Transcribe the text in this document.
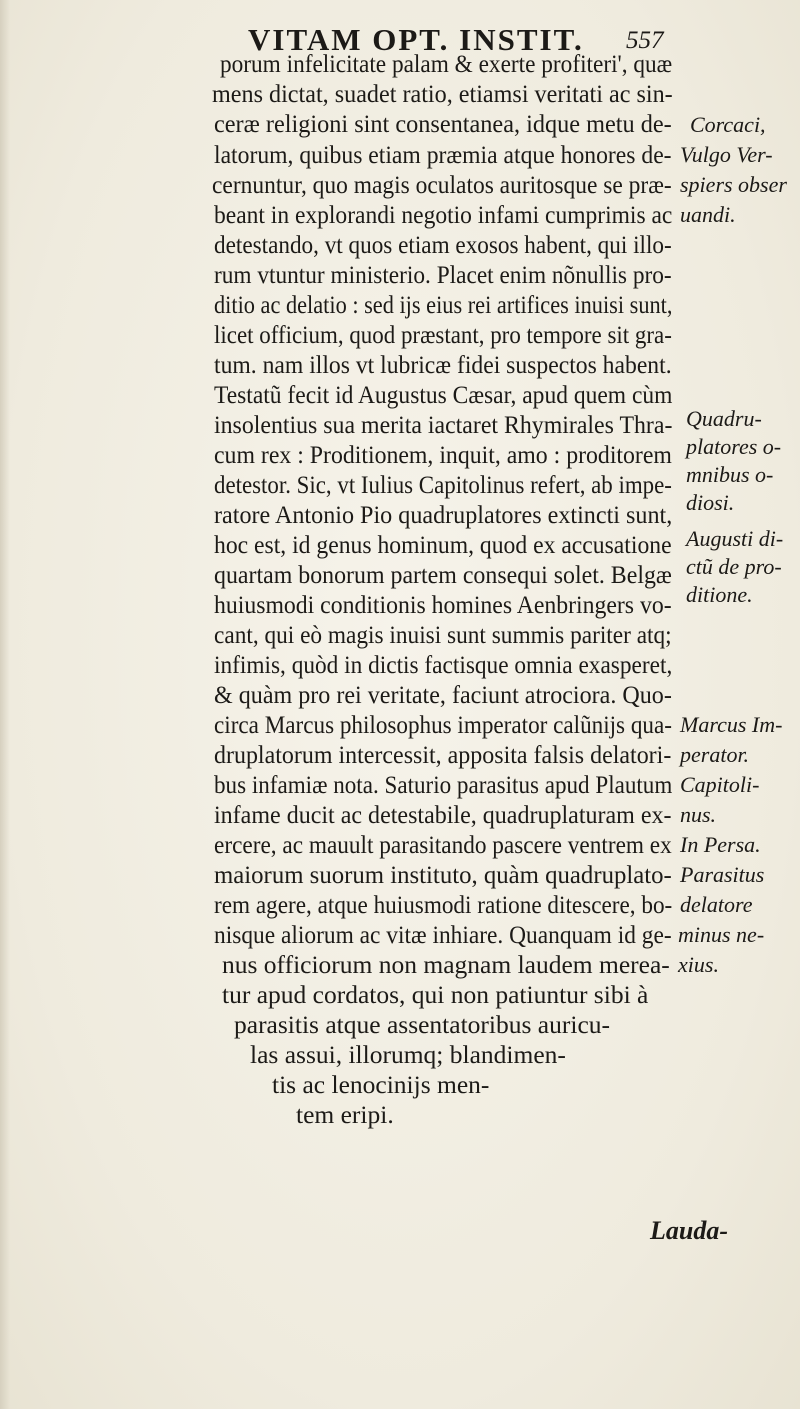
VITAM OPT. INSTIT. 557
porum infelicitate palam & exerte profiteri', quæ
mens dictat, suadet ratio, etiamsi veritati ac sin-
ceræ religioni sint consentanea, idque metu de-
latorum, quibus etiam præmia atque honores de-
cernuntur, quo magis oculatos auritosque se præ-
beant in explorandi negotio infami cumprimis ac
detestando, vt quos etiam exosos habent, qui illo-
rum vtuntur ministerio. Placet enim nõnullis pro-
ditio ac delatio : sed ijs eius rei artifices inuisi sunt,
licet officium, quod præstant, pro tempore sit gra-
tum. nam illos vt lubricæ fidei suspectos habent.
Testatũ fecit id Augustus Cæsar, apud quem cùm
insolentius sua merita iactaret Rhymirales Thra-
cum rex : Proditionem, inquit, amo : proditorem
detestor. Sic, vt Iulius Capitolinus refert, ab impe-
ratore Antonio Pio quadruplatores extincti sunt,
hoc est, id genus hominum, quod ex accusatione
quartam bonorum partem consequi solet. Belgæ
huiusmodi conditionis homines Aenbringers vo-
cant, qui eò magis inuisi sunt summis pariter atq;
infimis, quòd in dictis factisque omnia exasperet,
& quàm pro rei veritate, faciunt atrociora. Quo-
circa Marcus philosophus imperator calũnijs qua-
druplatorum intercessit, apposita falsis delatori-
bus infamiæ nota. Saturio parasitus apud Plautum
infame ducit ac detestabile, quadruplaturam ex-
ercere, ac mauult parasitando pascere ventrem ex
maiorum suorum instituto, quàm quadruplato-
rem agere, atque huiusmodi ratione ditescere, bo-
nisque aliorum ac vitæ inhiare. Quanquam id ge-
nus officiorum non magnam laudem merea-
tur apud cordatos, qui non patiuntur sibi à
parasitis atque assentatoribus auricu-
las assui, illorumq; blandimen-
tis ac lenocinijs men-
tem eripi.
Corcaci,
Vulgo Ver-
spiers obser
uandi.
Quadru-
platores o-
mnibus o-
diosi.
Augusti di-
ctũ de pro-
ditione.
Marcus Im-
perator.
Capitoli-
nus.
In Persa.
Parasitus
delatore
minus ne-
xius.
Lauda-
